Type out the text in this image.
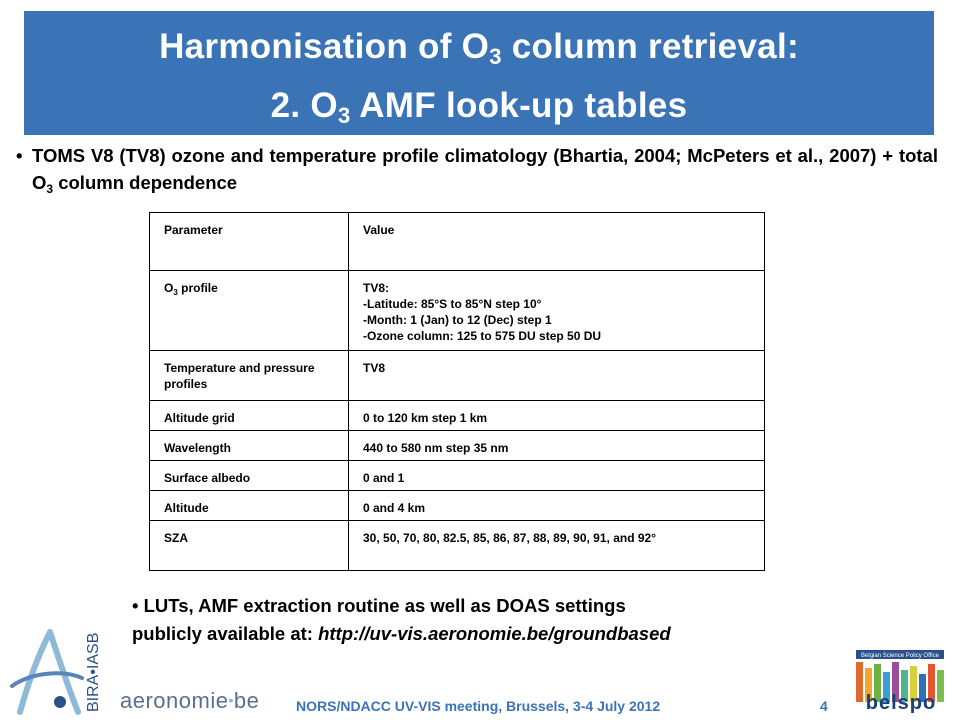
Harmonisation of $O_3$ column retrieval:
2. $O_3$ AMF look-up tables
• TOMS V8 (TV8) ozone and temperature profile climatology (Bhartia, 2004; McPeters et al., 2007) + total $O_3$ column dependence
Parameter	Value
$O_3$ profile	TV8:
-Latitude: 85°S to 85°N step 10°
-Month: 1 (Jan) to 12 (Dec) step 1
-Ozone column: 125 to 575 DU step 50 DU

Temperature and pressure profiles	TV8
Altitude grid	0 to 120 km step 1 km
Wavelength	440 to 580 nm step 35 nm
Surface albedo	0 and 1
Altitude	0 and 4 km
SZA	30, 50, 70, 80, 82.5, 85, 86, 87, 88, 89, 90, 91, and 92°
• LUTs, AMF extraction routine as well as DOAS settings
publicly available at: http://uv-vis.aeronomie.be/groundbased
BIRA•IASB aeronomie•be	NORS/NDACC UV-VIS meeting, Brussels, 3-4 July 2012	4
Belgian Science Policy Office
belspo
